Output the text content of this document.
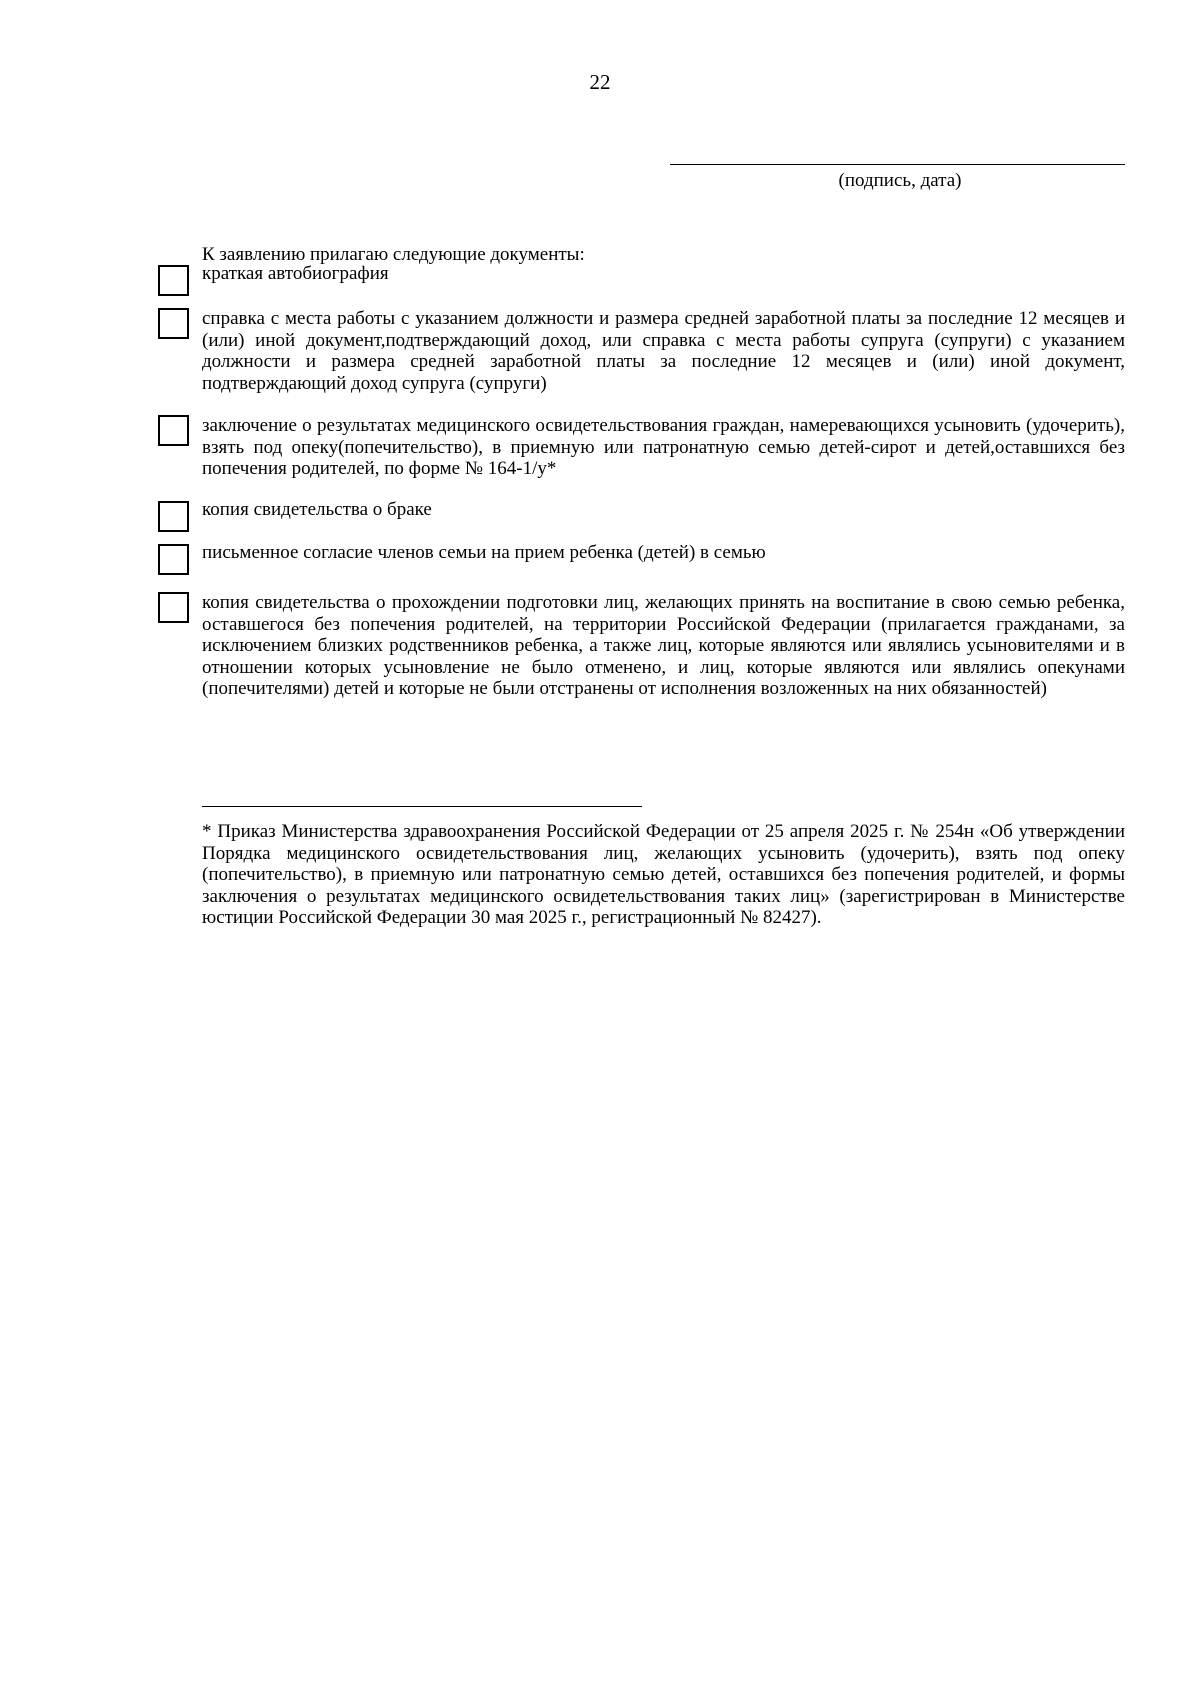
22
(подпись, дата)
К заявлению прилагаю следующие документы:

краткая автобиография

справка с места работы с указанием должности и размера средней заработной платы за последние 12 месяцев и (или) иной документ,подтверждающий доход, или справка с места работы супруга (супруги) с указанием должности и размера средней заработной платы за последние 12 месяцев и (или) иной документ, подтверждающий доход супруга (супруги)

заключение о результатах медицинского освидетельствования граждан, намеревающихся усыновить (удочерить), взять под опеку(попечительство), в приемную или патронатную семью детей-сирот и детей,оставшихся без попечения родителей, по форме № 164-1/у*

копия свидетельства о браке

письменное согласие членов семьи на прием ребенка (детей) в семью

копия свидетельства о прохождении подготовки лиц, желающих принять на воспитание в свою семью ребенка, оставшегося без попечения родителей, на территории Российской Федерации (прилагается гражданами, за исключением близких родственников ребенка, а также лиц, которые являются или являлись усыновителями и в отношении которых усыновление не было отменено, и лиц, которые являются или являлись опекунами (попечителями) детей и которые не были отстранены от исполнения возложенных на них обязанностей)

* Приказ Министерства здравоохранения Российской Федерации от 25 апреля 2025 г. № 254н «Об утверждении Порядка медицинского освидетельствования лиц, желающих усыновить (удочерить), взять под опеку (попечительство), в приемную или патронатную семью детей, оставшихся без попечения родителей, и формы заключения о результатах медицинского освидетельствования таких лиц» (зарегистрирован в Министерстве юстиции Российской Федерации 30 мая 2025 г., регистрационный № 82427).
